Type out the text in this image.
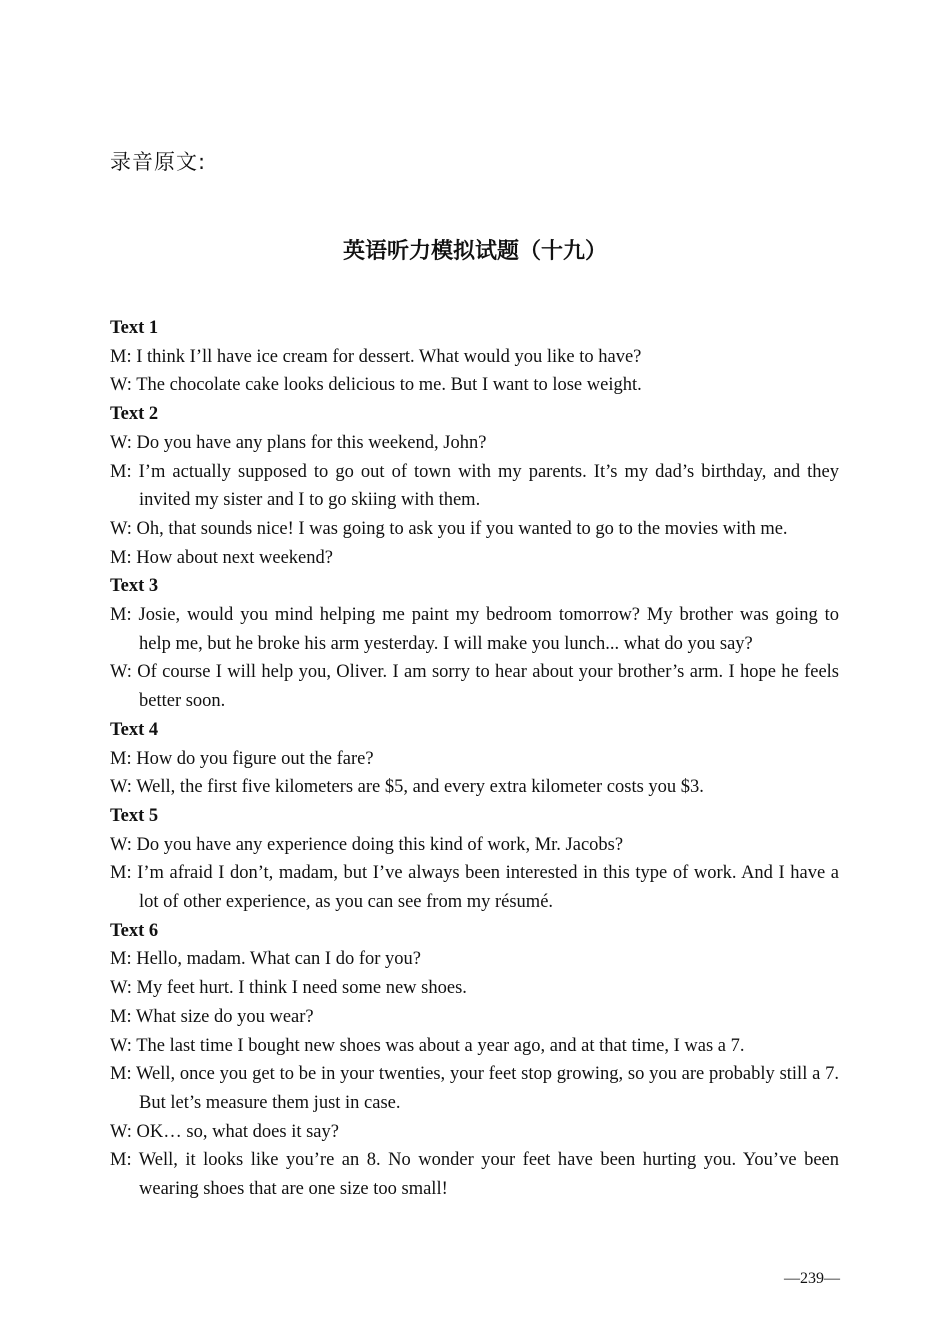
录音原文:
英语听力模拟试题（十九）
Text 1
M: I think I’ll have ice cream for dessert. What would you like to have?
W: The chocolate cake looks delicious to me. But I want to lose weight.
Text 2
W: Do you have any plans for this weekend, John?
M: I’m actually supposed to go out of town with my parents. It’s my dad’s birthday, and they invited my sister and I to go skiing with them.
W: Oh, that sounds nice! I was going to ask you if you wanted to go to the movies with me.
M: How about next weekend?
Text 3
M: Josie, would you mind helping me paint my bedroom tomorrow? My brother was going to help me, but he broke his arm yesterday. I will make you lunch... what do you say?
W: Of course I will help you, Oliver. I am sorry to hear about your brother’s arm. I hope he feels better soon.
Text 4
M: How do you figure out the fare?
W: Well, the first five kilometers are $5, and every extra kilometer costs you $3.
Text 5
W: Do you have any experience doing this kind of work, Mr. Jacobs?
M: I’m afraid I don’t, madam, but I’ve always been interested in this type of work. And I have a lot of other experience, as you can see from my résumé.
Text 6
M: Hello, madam. What can I do for you?
W: My feet hurt. I think I need some new shoes.
M: What size do you wear?
W: The last time I bought new shoes was about a year ago, and at that time, I was a 7.
M: Well, once you get to be in your twenties, your feet stop growing, so you are probably still a 7. But let’s measure them just in case.
W: OK… so, what does it say?
M: Well, it looks like you’re an 8. No wonder your feet have been hurting you. You’ve been wearing shoes that are one size too small!
—239—
